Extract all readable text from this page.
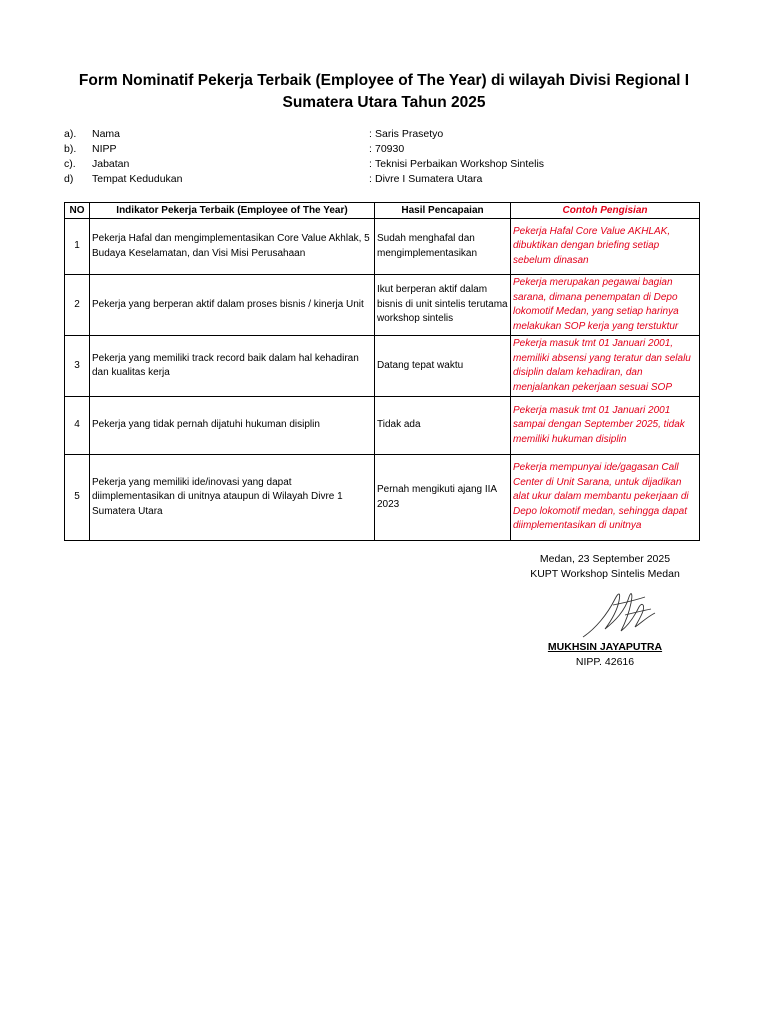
Form Nominatif Pekerja Terbaik (Employee of The Year) di wilayah Divisi Regional I Sumatera Utara Tahun 2025
a). Nama	: Saris Prasetyo
b). NIPP	: 70930
c). Jabatan	: Teknisi Perbaikan Workshop Sintelis
d) Tempat Kedudukan	: Divre I Sumatera Utara
NO	Indikator Pekerja Terbaik (Employee of The Year)	Hasil Pencapaian	Contoh Pengisian
1	Pekerja Hafal dan mengimplementasikan Core Value Akhlak, 5 Budaya Keselamatan, dan Visi Misi Perusahaan	Sudah menghafal dan mengimplementasikan	Pekerja Hafal Core Value AKHLAK, dibuktikan dengan briefing setiap sebelum dinasan
2	Pekerja yang berperan aktif dalam proses bisnis / kinerja Unit	Ikut berperan aktif dalam bisnis di unit sintelis terutama workshop sintelis	Pekerja merupakan pegawai bagian sarana, dimana penempatan di Depo lokomotif Medan, yang setiap harinya melakukan SOP kerja yang terstuktur
3	Pekerja yang memiliki track record baik dalam hal kehadiran dan kualitas kerja	Datang tepat waktu	Pekerja masuk tmt 01 Januari 2001, memiliki absensi yang teratur dan selalu disiplin dalam kehadiran, dan menjalankan pekerjaan sesuai SOP
4	Pekerja yang tidak pernah dijatuhi hukuman disiplin	Tidak ada	Pekerja masuk tmt 01 Januari 2001 sampai dengan September 2025, tidak memiliki hukuman disiplin
5	Pekerja yang memiliki ide/inovasi yang dapat diimplementasikan di unitnya ataupun di Wilayah Divre 1 Sumatera Utara	Pernah mengikuti ajang IIA 2023	Pekerja mempunyai ide/gagasan Call Center di Unit Sarana, untuk dijadikan alat ukur dalam membantu pekerjaan di Depo lokomotif medan, sehingga dapat diimplementasikan di unitnya
Medan, 23 September 2025
KUPT Workshop Sintelis Medan
MUKHSIN JAYAPUTRA
NIPP. 42616
